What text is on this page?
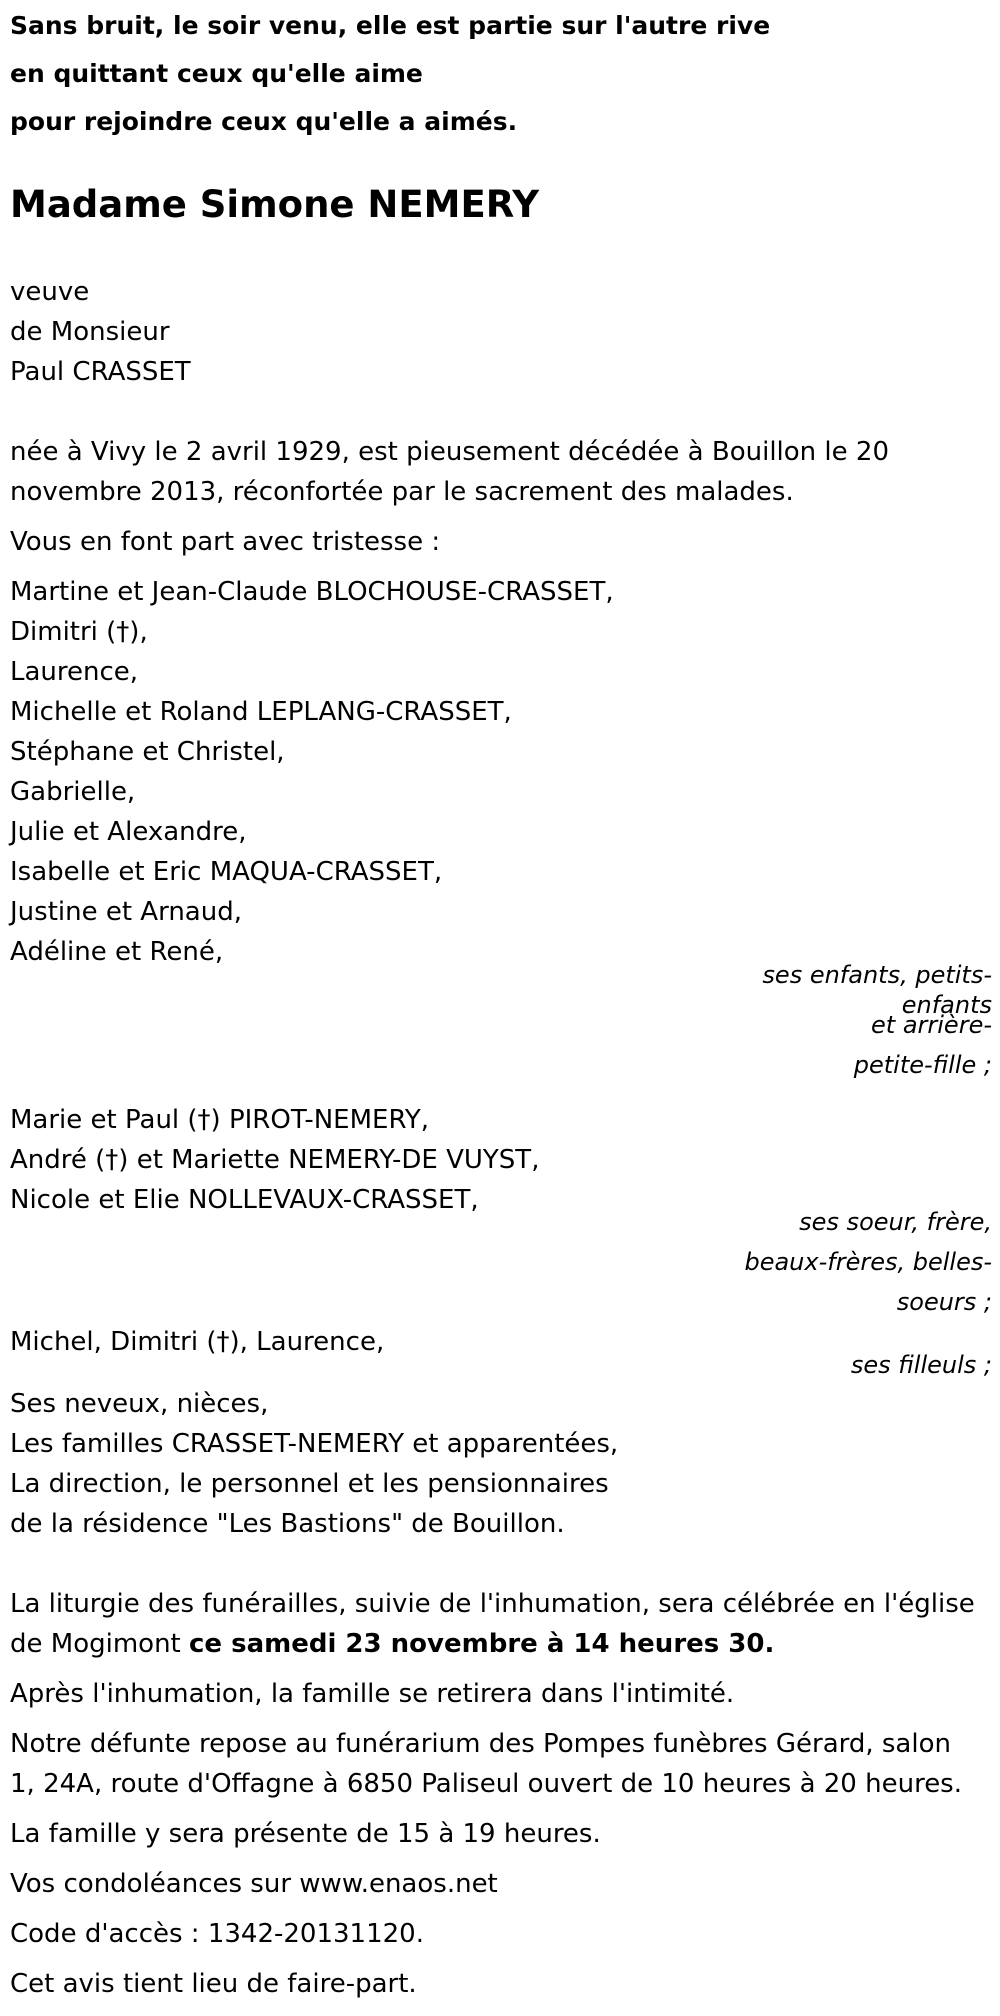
Sans bruit, le soir venu, elle est partie sur l'autre rive
en quittant ceux qu'elle aime
pour rejoindre ceux qu'elle a aimés.
Madame Simone NEMERY
veuve
de Monsieur
Paul CRASSET
née à Vivy le 2 avril 1929, est pieusement décédée à Bouillon le 20
novembre 2013, réconfortée par le sacrement des malades.
Vous en font part avec tristesse :
Martine et Jean-Claude BLOCHOUSE-CRASSET,
Dimitri (†),
Laurence,
Michelle et Roland LEPLANG-CRASSET,
Stéphane et Christel,
Gabrielle,
Julie et Alexandre,
Isabelle et Eric MAQUA-CRASSET,
Justine et Arnaud,
Adéline et René,
ses enfants, petits-
enfants
et arrière-
petite-fille ;
Marie et Paul (†) PIROT-NEMERY,
André (†) et Mariette NEMERY-DE VUYST,
Nicole et Elie NOLLEVAUX-CRASSET,
ses soeur, frère,
beaux-frères, belles-
soeurs ;
Michel, Dimitri (†), Laurence,
ses filleuls ;
Ses neveux, nièces,
Les familles CRASSET-NEMERY et apparentées,
La direction, le personnel et les pensionnaires
de la résidence "Les Bastions" de Bouillon.
La liturgie des funérailles, suivie de l'inhumation, sera célébrée en l'église
de Mogimont ce samedi 23 novembre à 14 heures 30.
Après l'inhumation, la famille se retirera dans l'intimité.
Notre défunte repose au funérarium des Pompes funèbres Gérard, salon
1, 24A, route d'Offagne à 6850 Paliseul ouvert de 10 heures à 20 heures.
La famille y sera présente de 15 à 19 heures.
Vos condoléances sur www.enaos.net
Code d'accès : 1342-20131120.
Cet avis tient lieu de faire-part.
